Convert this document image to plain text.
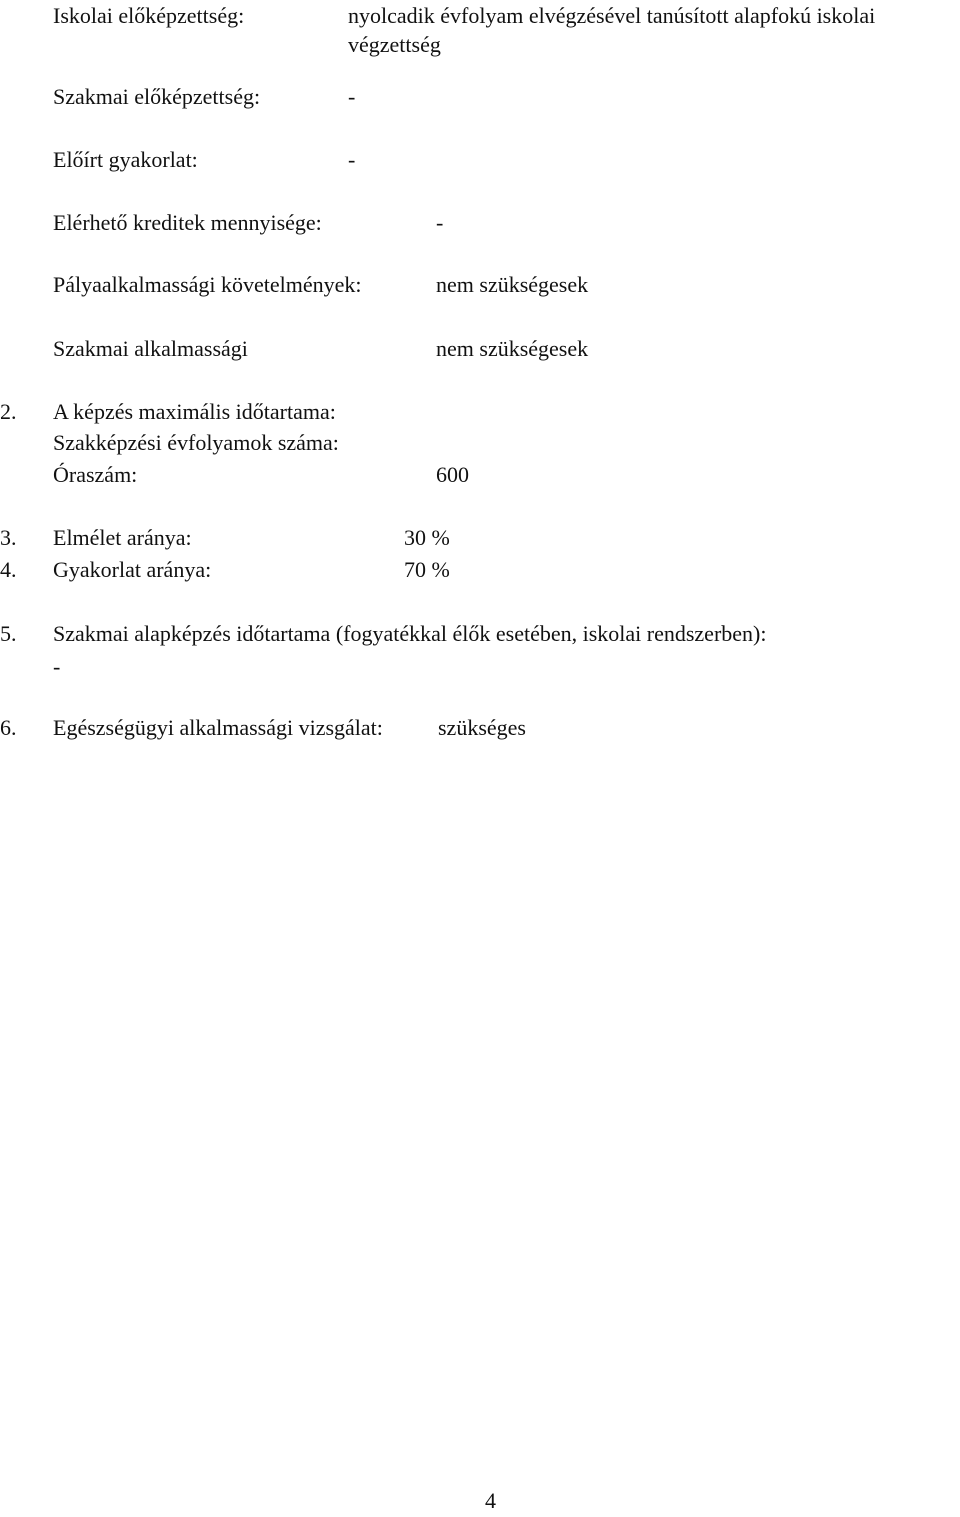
Iskolai előképzettség:	nyolcadik évfolyam elvégzésével tanúsított alapfokú iskolai
végzettség
Szakmai előképzettség:	-
Előírt gyakorlat:	-
Elérhető kreditek mennyisége:	-
Pályaalkalmassági követelmények:	nem szükségesek
Szakmai alkalmassági	nem szükségesek
2. A képzés maximális időtartama:
Szakképzési évfolyamok száma:
Óraszám:	600
3. Elmélet aránya:	30 %
4. Gyakorlat aránya:	70 %
5. Szakmai alapképzés időtartama (fogyatékkal élők esetében, iskolai rendszerben):
-
6. Egészségügyi alkalmassági vizsgálat:	szükséges
4
